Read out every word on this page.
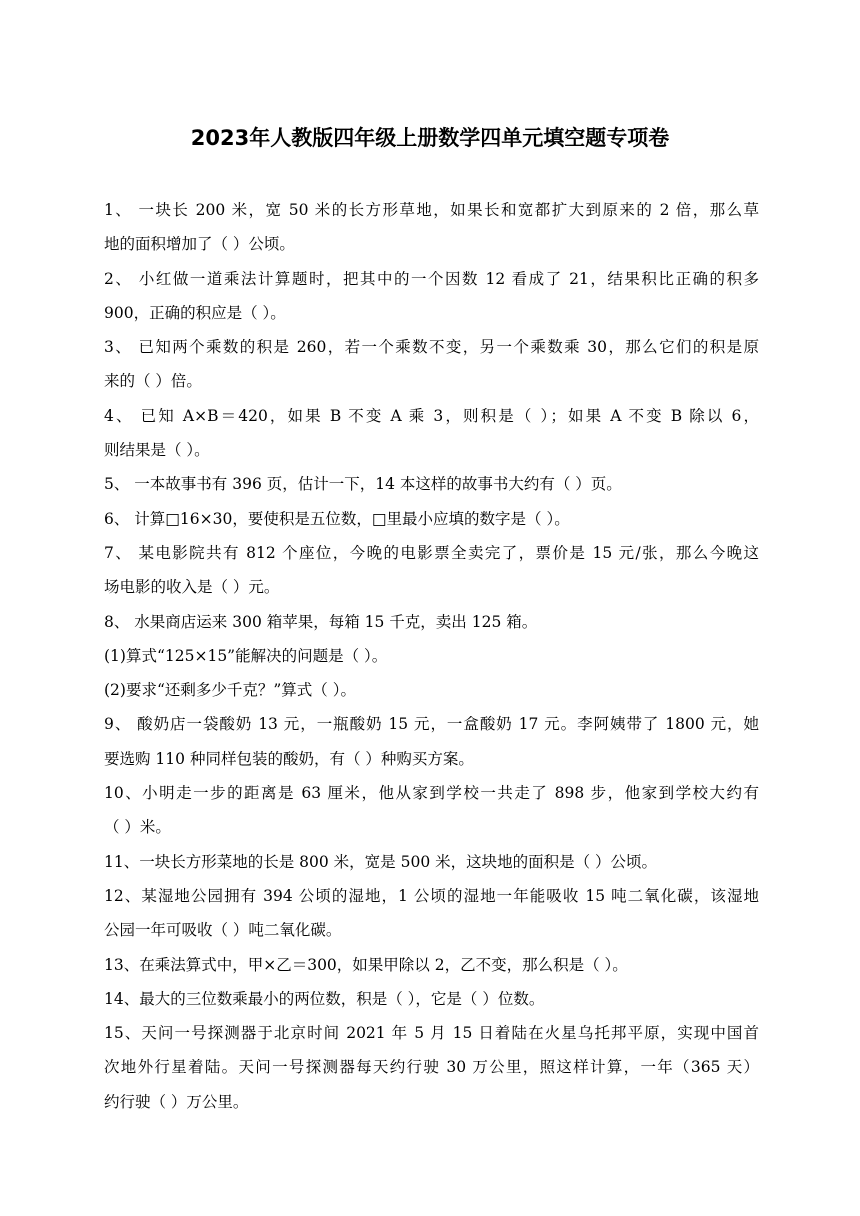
2023年人教版四年级上册数学四单元填空题专项卷
1、 一块长 200 米，宽 50 米的长方形草地，如果长和宽都扩大到原来的 2 倍，那么草
地的面积增加了（ ）公顷。
2、 小红做一道乘法计算题时，把其中的一个因数 12 看成了 21，结果积比正确的积多
900，正确的积应是（ ）。
3、 已知两个乘数的积是 260，若一个乘数不变，另一个乘数乘 30，那么它们的积是原
来的（ ）倍。
4、 已知 A×B＝420，如果 B 不变 A 乘 3，则积是（ ）；如果 A 不变 B 除以 6，
则结果是（ ）。
5、 一本故事书有 396 页，估计一下，14 本这样的故事书大约有（ ）页。
6、 计算□16×30，要使积是五位数，□里最小应填的数字是（ ）。
7、 某电影院共有 812 个座位，今晚的电影票全卖完了，票价是 15 元/张，那么今晚这
场电影的收入是（ ）元。
8、 水果商店运来 300 箱苹果，每箱 15 千克，卖出 125 箱。
(1)算式“125×15”能解决的问题是（ ）。
(2)要求“还剩多少千克？”算式（ ）。
9、 酸奶店一袋酸奶 13 元，一瓶酸奶 15 元，一盒酸奶 17 元。李阿姨带了 1800 元，她
要选购 110 种同样包装的酸奶，有（ ）种购买方案。
10、小明走一步的距离是 63 厘米，他从家到学校一共走了 898 步，他家到学校大约有
（ ）米。
11、一块长方形菜地的长是 800 米，宽是 500 米，这块地的面积是（ ）公顷。
12、某湿地公园拥有 394 公顷的湿地，1 公顷的湿地一年能吸收 15 吨二氧化碳，该湿地
公园一年可吸收（ ）吨二氧化碳。
13、在乘法算式中，甲×乙＝300，如果甲除以 2，乙不变，那么积是（ ）。
14、最大的三位数乘最小的两位数，积是（ ），它是（ ）位数。
15、天问一号探测器于北京时间 2021 年 5 月 15 日着陆在火星乌托邦平原，实现中国首
次地外行星着陆。天问一号探测器每天约行驶 30 万公里，照这样计算，一年（365 天）
约行驶（ ）万公里。
